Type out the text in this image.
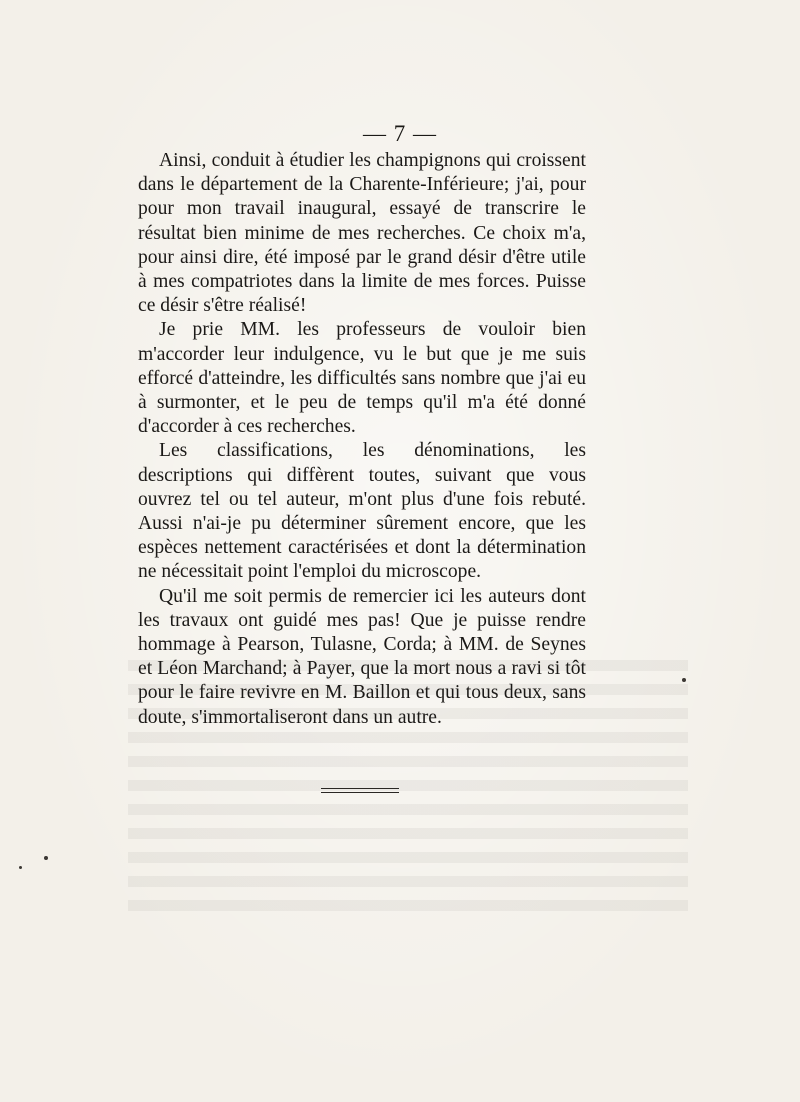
— 7 —

Ainsi, conduit à étudier les champignons qui croissent dans le département de la Charente-Inférieure; j'ai, pour pour mon travail inaugural, essayé de transcrire le résultat bien minime de mes recherches. Ce choix m'a, pour ainsi dire, été imposé par le grand désir d'être utile à mes compatriotes dans la limite de mes forces. Puisse ce désir s'être réalisé!

Je prie MM. les professeurs de vouloir bien m'accorder leur indulgence, vu le but que je me suis efforcé d'atteindre, les difficultés sans nombre que j'ai eu à surmonter, et le peu de temps qu'il m'a été donné d'accorder à ces recherches.

Les classifications, les dénominations, les descriptions qui diffèrent toutes, suivant que vous ouvrez tel ou tel auteur, m'ont plus d'une fois rebuté. Aussi n'ai-je pu déterminer sûrement encore, que les espèces nettement caractérisées et dont la détermination ne nécessitait point l'emploi du microscope.

Qu'il me soit permis de remercier ici les auteurs dont les travaux ont guidé mes pas! Que je puisse rendre hommage à Pearson, Tulasne, Corda; à MM. de Seynes et Léon Marchand; à Payer, que la mort nous a ravi si tôt pour le faire revivre en M. Baillon et qui tous deux, sans doute, s'immortaliseront dans un autre.
